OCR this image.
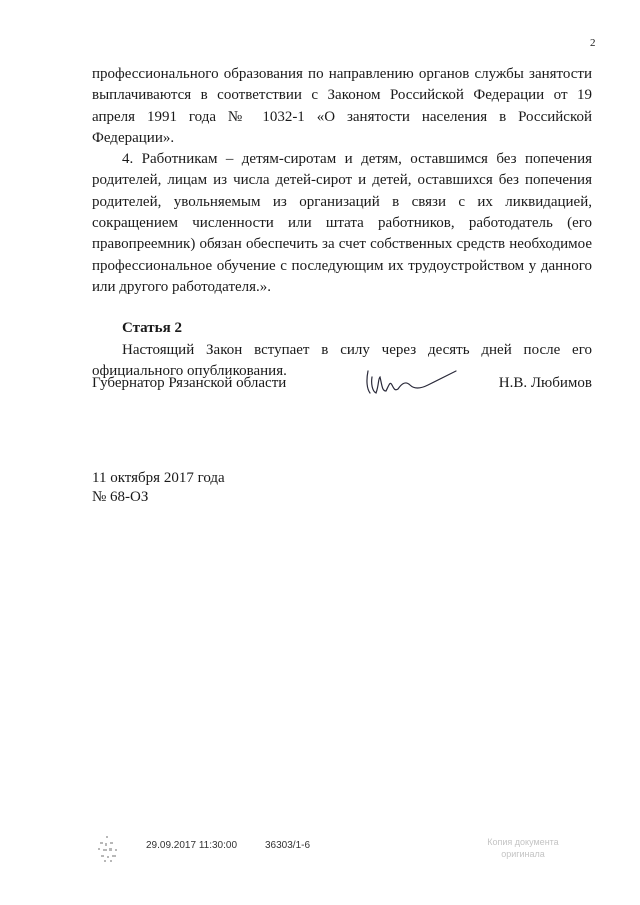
2

профессионального образования по направлению органов службы занятости выплачиваются в соответствии с Законом Российской Федерации от 19 апреля 1991 года № 1032-1 «О занятости населения в Российской Федерации».

4. Работникам – детям-сиротам и детям, оставшимся без попечения родителей, лицам из числа детей-сирот и детей, оставшихся без попечения родителей, увольняемым из организаций в связи с их ликвидацией, сокращением численности или штата работников, работодатель (его правопреемник) обязан обеспечить за счет собственных средств необходимое профессиональное обучение с последующим их трудоустройством у данного или другого работодателя.».

Статья 2

Настоящий Закон вступает в силу через десять дней после его официального опубликования.

Губернатор Рязанской области	Н.В. Любимов
11 октября 2017 года
№ 68-ОЗ
29.09.2017 11:30:00	36303/1-6	Копия документа
оригинала
